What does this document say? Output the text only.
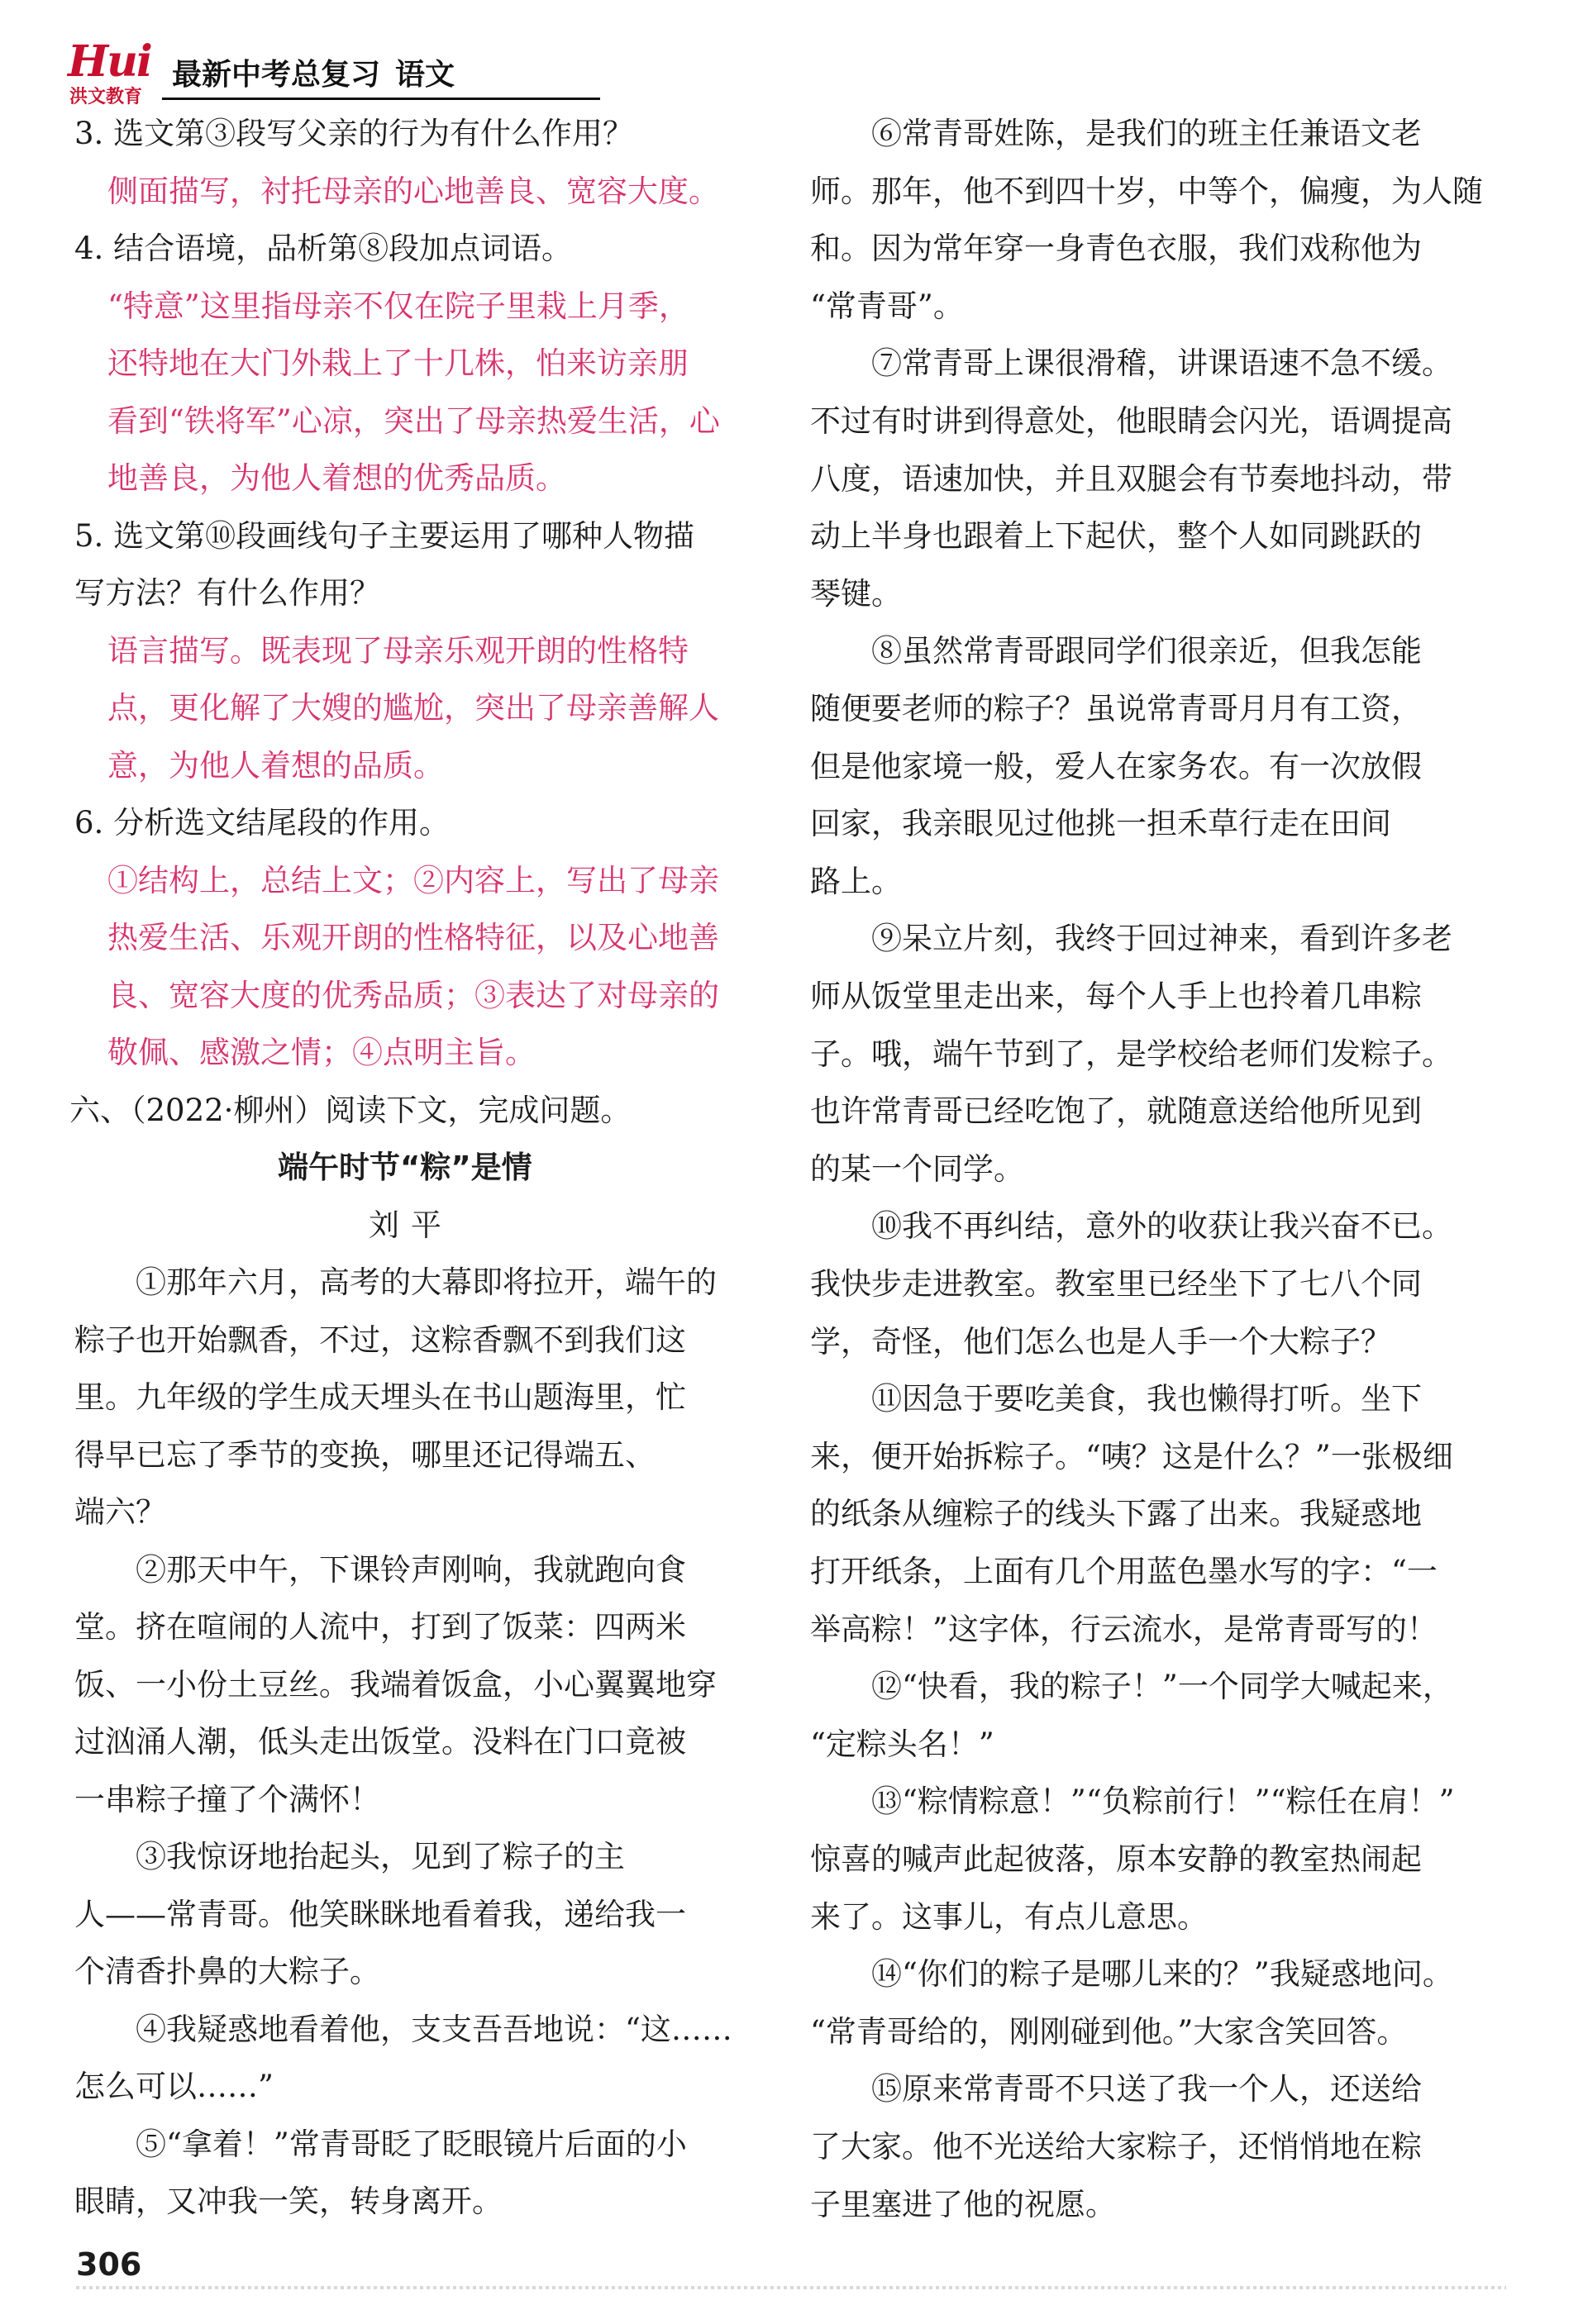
Hui
洪文教育
最新中考总复习 语文
3. 选文第③段写父亲的行为有什么作用？
侧面描写，衬托母亲的心地善良、宽容大度。
4. 结合语境，品析第⑧段加点词语。
“特意”这里指母亲不仅在院子里栽上月季，
还特地在大门外栽上了十几株，怕来访亲朋
看到“铁将军”心凉，突出了母亲热爱生活，心
地善良，为他人着想的优秀品质。
5. 选文第⑩段画线句子主要运用了哪种人物描
写方法？有什么作用？
语言描写。既表现了母亲乐观开朗的性格特
点，更化解了大嫂的尴尬，突出了母亲善解人
意，为他人着想的品质。
6. 分析选文结尾段的作用。
①结构上，总结上文；②内容上，写出了母亲
热爱生活、乐观开朗的性格特征，以及心地善
良、宽容大度的优秀品质；③表达了对母亲的
敬佩、感激之情；④点明主旨。
六、（2022·柳州）阅读下文，完成问题。
端午时节“粽”是情
刘平
①那年六月，高考的大幕即将拉开，端午的
粽子也开始飘香，不过，这粽香飘不到我们这
里。九年级的学生成天埋头在书山题海里，忙
得早已忘了季节的变换，哪里还记得端五、
端六？
②那天中午，下课铃声刚响，我就跑向食
堂。挤在喧闹的人流中，打到了饭菜：四两米
饭、一小份土豆丝。我端着饭盒，小心翼翼地穿
过汹涌人潮，低头走出饭堂。没料在门口竟被
一串粽子撞了个满怀！
③我惊讶地抬起头，见到了粽子的主
人——常青哥。他笑眯眯地看着我，递给我一
个清香扑鼻的大粽子。
④我疑惑地看着他，支支吾吾地说：“这……
怎么可以……”
⑤“拿着！”常青哥眨了眨眼镜片后面的小
眼睛，又冲我一笑，转身离开。
⑥常青哥姓陈，是我们的班主任兼语文老
师。那年，他不到四十岁，中等个，偏瘦，为人随
和。因为常年穿一身青色衣服，我们戏称他为
“常青哥”。
⑦常青哥上课很滑稽，讲课语速不急不缓。
不过有时讲到得意处，他眼睛会闪光，语调提高
八度，语速加快，并且双腿会有节奏地抖动，带
动上半身也跟着上下起伏，整个人如同跳跃的
琴键。
⑧虽然常青哥跟同学们很亲近，但我怎能
随便要老师的粽子？虽说常青哥月月有工资，
但是他家境一般，爱人在家务农。有一次放假
回家，我亲眼见过他挑一担禾草行走在田间
路上。
⑨呆立片刻，我终于回过神来，看到许多老
师从饭堂里走出来，每个人手上也拎着几串粽
子。哦，端午节到了，是学校给老师们发粽子。
也许常青哥已经吃饱了，就随意送给他所见到
的某一个同学。
⑩我不再纠结，意外的收获让我兴奋不已。
我快步走进教室。教室里已经坐下了七八个同
学，奇怪，他们怎么也是人手一个大粽子？
⑪因急于要吃美食，我也懒得打听。坐下
来，便开始拆粽子。“咦？这是什么？”一张极细
的纸条从缠粽子的线头下露了出来。我疑惑地
打开纸条，上面有几个用蓝色墨水写的字：“一
举高粽！”这字体，行云流水，是常青哥写的！
⑫“快看，我的粽子！”一个同学大喊起来，
“定粽头名！”
⑬“粽情粽意！”“负粽前行！”“粽任在肩！”
惊喜的喊声此起彼落，原本安静的教室热闹起
来了。这事儿，有点儿意思。
⑭“你们的粽子是哪儿来的？”我疑惑地问。
“常青哥给的，刚刚碰到他。”大家含笑回答。
⑮原来常青哥不只送了我一个人，还送给
了大家。他不光送给大家粽子，还悄悄地在粽
子里塞进了他的祝愿。
306
